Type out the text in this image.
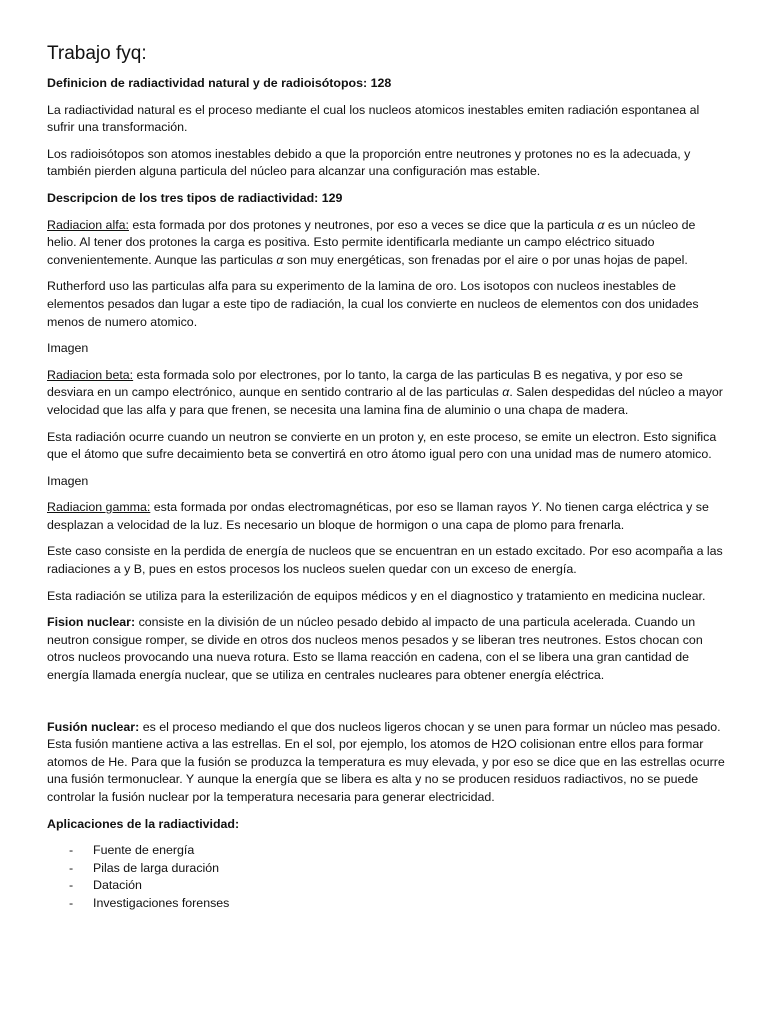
Trabajo fyq:

Definicion de radiactividad natural y de radioisótopos: 128

La radiactividad natural es el proceso mediante el cual los nucleos atomicos inestables emiten radiación espontanea al sufrir una transformación.

Los radioisótopos son atomos inestables debido a que la proporción entre neutrones y protones no es la adecuada, y también pierden alguna particula del núcleo para alcanzar una configuración mas estable.

Descripcion de los tres tipos de radiactividad: 129

Radiacion alfa: esta formada por dos protones y neutrones, por eso a veces se dice que la particula α es un núcleo de helio. Al tener dos protones la carga es positiva. Esto permite identificarla mediante un campo eléctrico situado convenientemente. Aunque las particulas α son muy energéticas, son frenadas por el aire o por unas hojas de papel.

Rutherford uso las particulas alfa para su experimento de la lamina de oro. Los isotopos con nucleos inestables de elementos pesados dan lugar a este tipo de radiación, la cual los convierte en nucleos de elementos con dos unidades menos de numero atomico.

Imagen

Radiacion beta: esta formada solo por electrones, por lo tanto, la carga de las particulas B es negativa, y por eso se desviara en un campo electrónico, aunque en sentido contrario al de las particulas α. Salen despedidas del núcleo a mayor velocidad que las alfa y para que frenen, se necesita una lamina fina de aluminio o una chapa de madera.

Esta radiación ocurre cuando un neutron se convierte en un proton y, en este proceso, se emite un electron. Esto significa que el átomo que sufre decaimiento beta se convertirá en otro átomo igual pero con una unidad mas de numero atomico.

Imagen

Radiacion gamma: esta formada por ondas electromagnéticas, por eso se llaman rayos Y. No tienen carga eléctrica y se desplazan a velocidad de la luz. Es necesario un bloque de hormigon o una capa de plomo para frenarla.

Este caso consiste en la perdida de energía de nucleos que se encuentran en un estado excitado. Por eso acompaña a las radiaciones a y B, pues en estos procesos los nucleos suelen quedar con un exceso de energía.

Esta radiación se utiliza para la esterilización de equipos médicos y en el diagnostico y tratamiento en medicina nuclear.

Fision nuclear: consiste en la división de un núcleo pesado debido al impacto de una particula acelerada. Cuando un neutron consigue romper, se divide en otros dos nucleos menos pesados y se liberan tres neutrones. Estos chocan con otros nucleos provocando una nueva rotura. Esto se llama reacción en cadena, con el se libera una gran cantidad de energía llamada energía nuclear, que se utiliza en centrales nucleares para obtener energía eléctrica.

Fusión nuclear: es el proceso mediando el que dos nucleos ligeros chocan y se unen para formar un núcleo mas pesado. Esta fusión mantiene activa a las estrellas. En el sol, por ejemplo, los atomos de H2O colisionan entre ellos para formar atomos de He. Para que la fusión se produzca la temperatura es muy elevada, y por eso se dice que en las estrellas ocurre una fusión termonuclear. Y aunque la energía que se libera es alta y no se producen residuos radiactivos, no se puede controlar la fusión nuclear por la temperatura necesaria para generar electricidad.

Aplicaciones de la radiactividad:

- Fuente de energía
- Pilas de larga duración
- Datación
- Investigaciones forenses
